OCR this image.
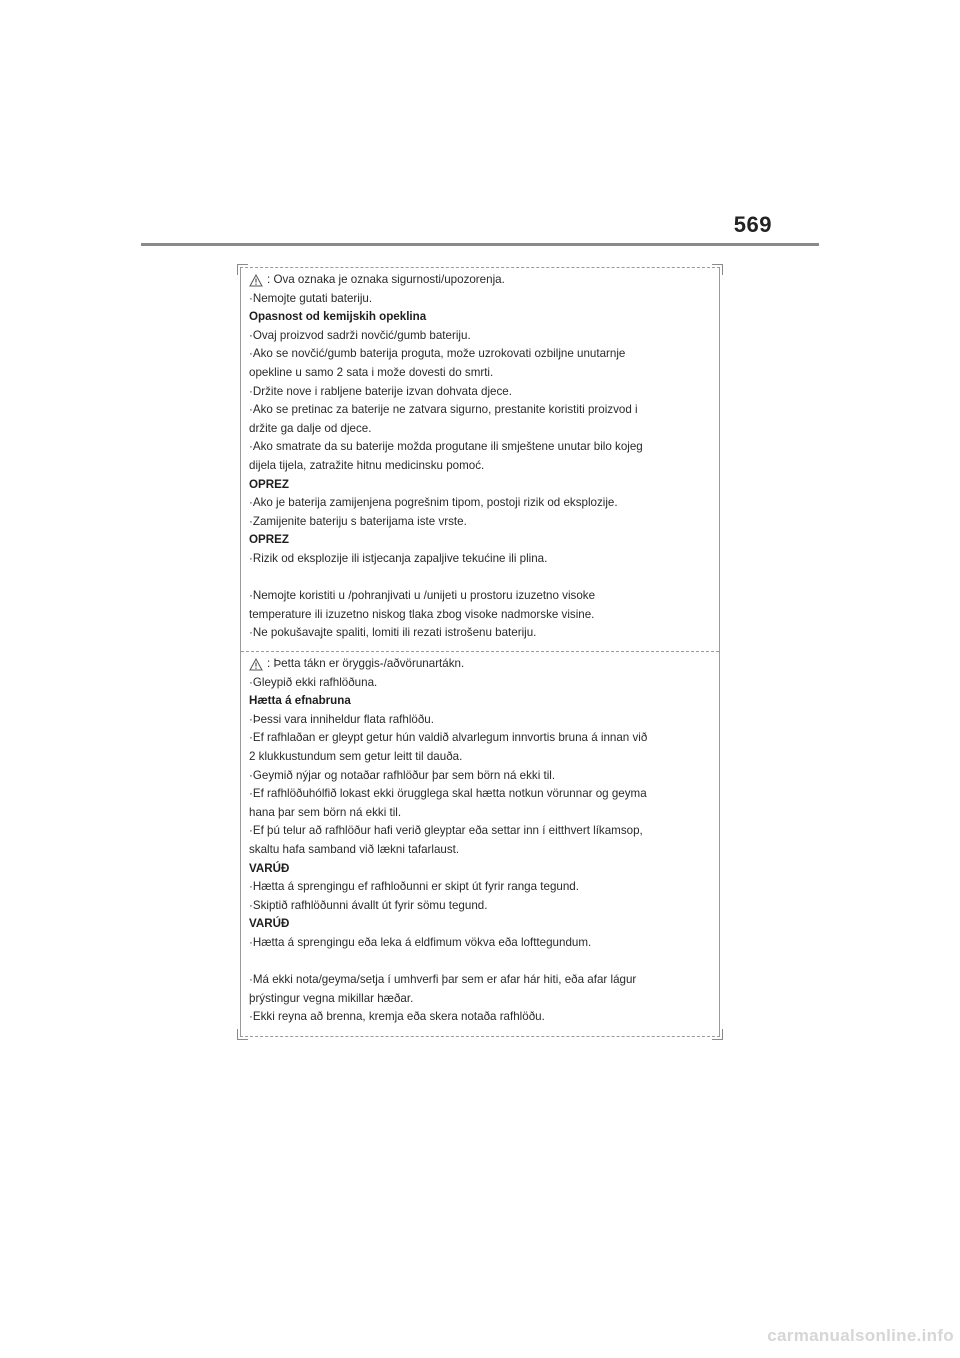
569
: Ova oznaka je oznaka sigurnosti/upozorenja.
·Nemojte gutati bateriju.
Opasnost od kemijskih opeklina
·Ovaj proizvod sadrži novčić/gumb bateriju.
·Ako se novčić/gumb baterija proguta, može uzrokovati ozbiljne unutarnje
opekline u samo 2 sata i može dovesti do smrti.
·Držite nove i rabljene baterije izvan dohvata djece.
·Ako se pretinac za baterije ne zatvara sigurno, prestanite koristiti proizvod i
držite ga dalje od djece.
·Ako smatrate da su baterije možda progutane ili smještene unutar bilo kojeg
dijela tijela, zatražite hitnu medicinsku pomoć.
OPREZ
·Ako je baterija zamijenjena pogrešnim tipom, postoji rizik od eksplozije.
·Zamijenite bateriju s baterijama iste vrste.
OPREZ
·Rizik od eksplozije ili istjecanja zapaljive tekućine ili plina.
·Nemojte koristiti u /pohranjivati u /unijeti u prostoru izuzetno visoke
temperature ili izuzetno niskog tlaka zbog visoke nadmorske visine.
·Ne pokušavajte spaliti, lomiti ili rezati istrošenu bateriju.
: Þetta tákn er öryggis-/aðvörunartákn.
·Gleypið ekki rafhlöðuna.
Hætta á efnabruna
·Þessi vara inniheldur flata rafhlöðu.
·Ef rafhlaðan er gleypt getur hún valdið alvarlegum innvortis bruna á innan við
2 klukkustundum sem getur leitt til dauða.
·Geymið nýjar og notaðar rafhlöður þar sem börn ná ekki til.
·Ef rafhlöðuhólfið lokast ekki örugglega skal hætta notkun vörunnar og geyma
hana þar sem börn ná ekki til.
·Ef þú telur að rafhlöður hafi verið gleyptar eða settar inn í eitthvert líkamsop,
skaltu hafa samband við lækni tafarlaust.
VARÚÐ
·Hætta á sprengingu ef rafhloðunni er skipt út fyrir ranga tegund.
·Skiptið rafhlöðunni ávallt út fyrir sömu tegund.
VARÚÐ
·Hætta á sprengingu eða leka á eldfimum vökva eða lofttegundum.
·Má ekki nota/geyma/setja í umhverfi þar sem er afar hár hiti, eða afar lágur
þrýstingur vegna mikillar hæðar.
·Ekki reyna að brenna, kremja eða skera notaða rafhlöðu.
carmanualsonline.info
